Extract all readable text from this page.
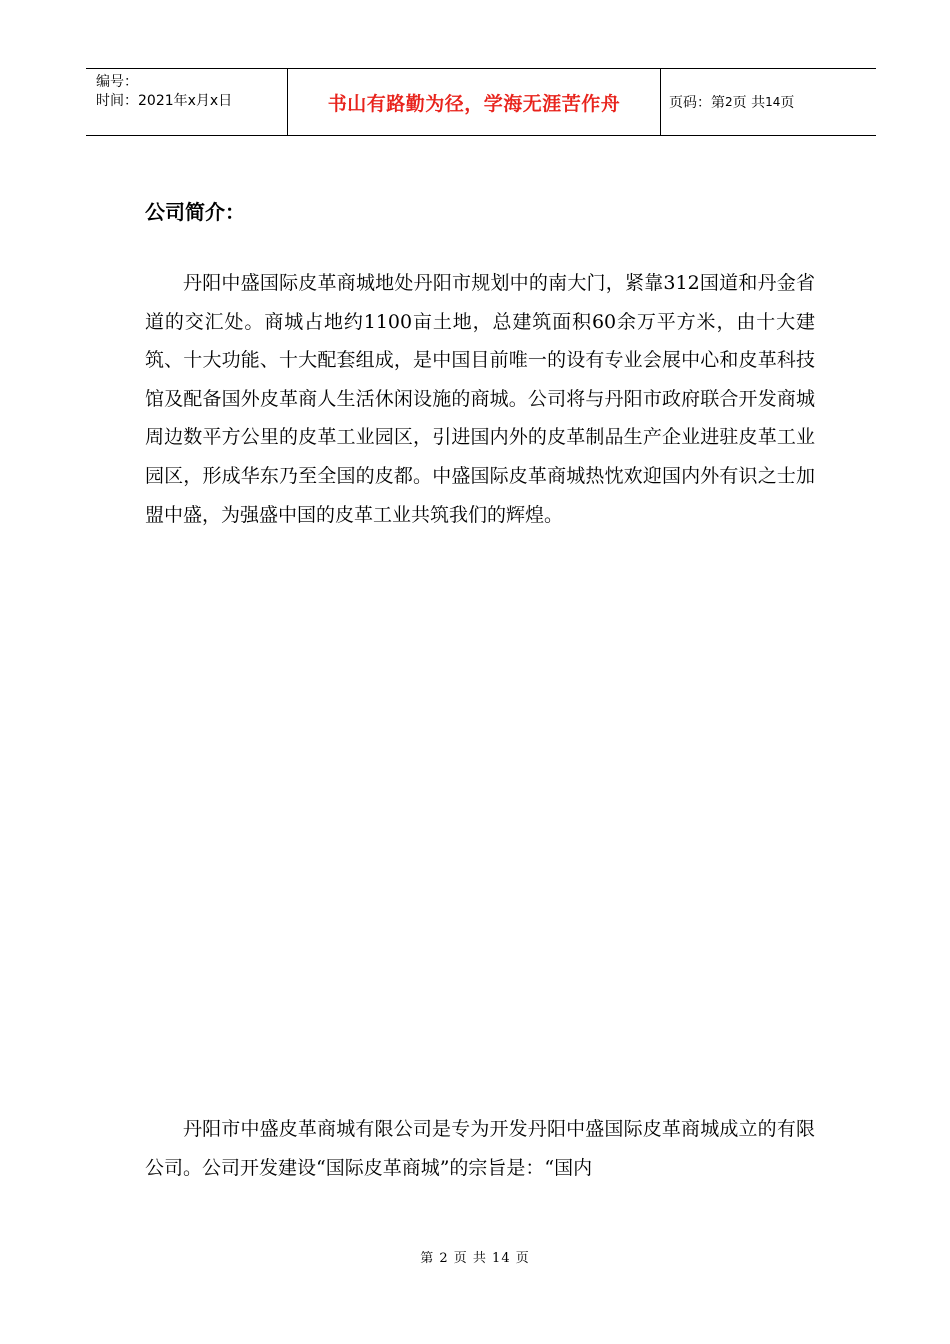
编号：
时间：2021年x月x日	书山有路勤为径，学海无涯苦作舟	页码：第 2 页 共 14 页
公司简介：

丹阳中盛国际皮革商城地处丹阳市规划中的南大门，紧靠312国道和丹金省道的交汇处。商城占地约1100亩土地，总建筑面积60余万平方米，由十大建筑、十大功能、十大配套组成，是中国目前唯一的设有专业会展中心和皮革科技馆及配备国外皮革商人生活休闲设施的商城。公司将与丹阳市政府联合开发商城周边数平方公里的皮革工业园区，引进国内外的皮革制品生产企业进驻皮革工业园区，形成华东乃至全国的皮都。中盛国际皮革商城热忱欢迎国内外有识之士加盟中盛，为强盛中国的皮革工业共筑我们的辉煌。

丹阳市中盛皮革商城有限公司是专为开发丹阳中盛国际皮革商城成立的有限公司。公司开发建设“国际皮革商城”的宗旨是：“国内

第 2 页 共 14 页
